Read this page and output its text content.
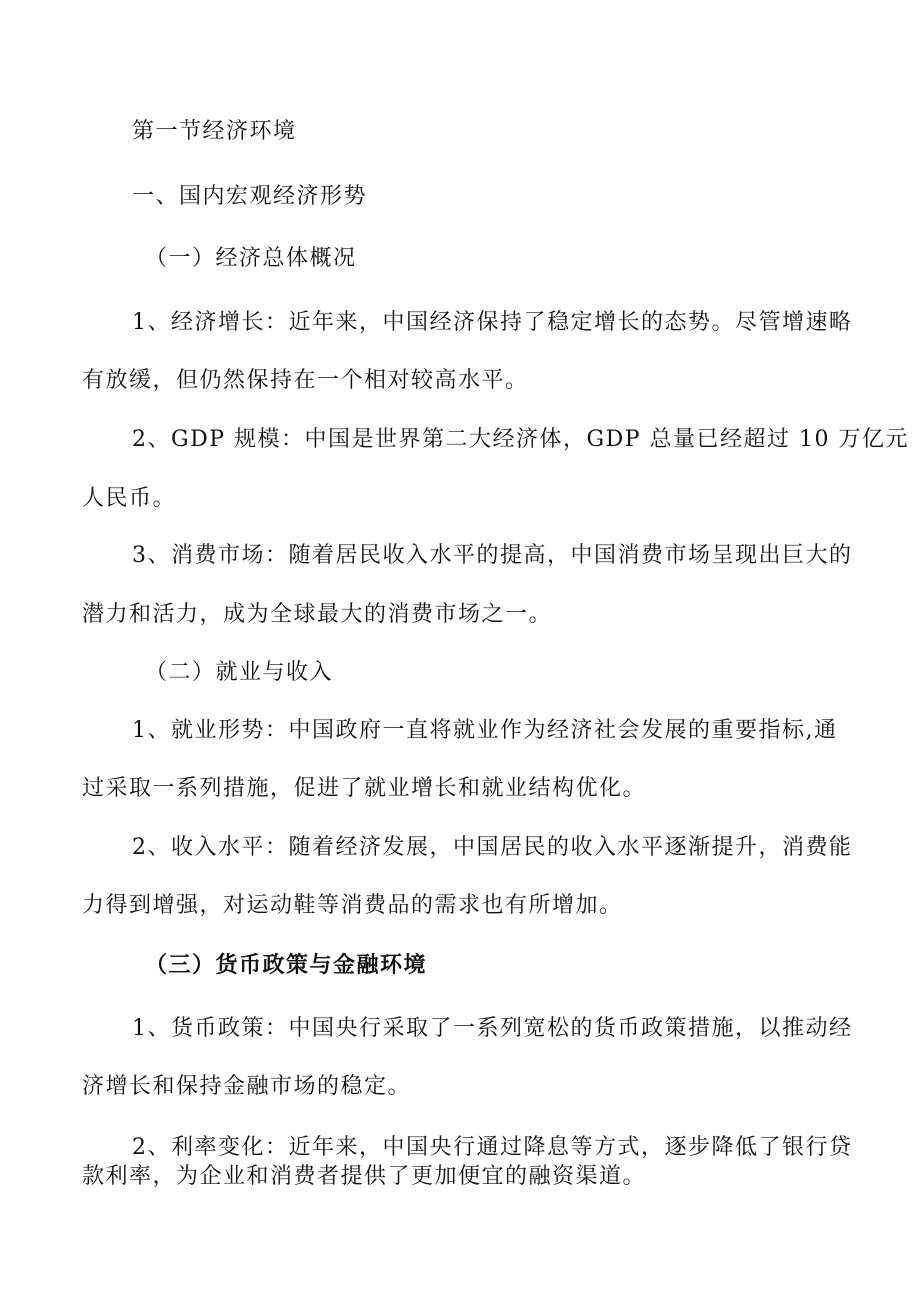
第一节经济环境
一、国内宏观经济形势
（一）经济总体概况
1、经济增长：近年来，中国经济保持了稳定增长的态势。尽管增速略
有放缓，但仍然保持在一个相对较高水平。
2、GDP 规模：中国是世界第二大经济体，GDP 总量已经超过 10 万亿元
人民币。
3、消费市场：随着居民收入水平的提高，中国消费市场呈现出巨大的
潜力和活力，成为全球最大的消费市场之一。
（二）就业与收入
1、就业形势：中国政府一直将就业作为经济社会发展的重要指标,通
过采取一系列措施，促进了就业增长和就业结构优化。
2、收入水平：随着经济发展，中国居民的收入水平逐渐提升，消费能
力得到增强，对运动鞋等消费品的需求也有所增加。
（三）货币政策与金融环境
1、货币政策：中国央行采取了一系列宽松的货币政策措施，以推动经
济增长和保持金融市场的稳定。
2、利率变化：近年来，中国央行通过降息等方式，逐步降低了银行贷
款利率，为企业和消费者提供了更加便宜的融资渠道。
